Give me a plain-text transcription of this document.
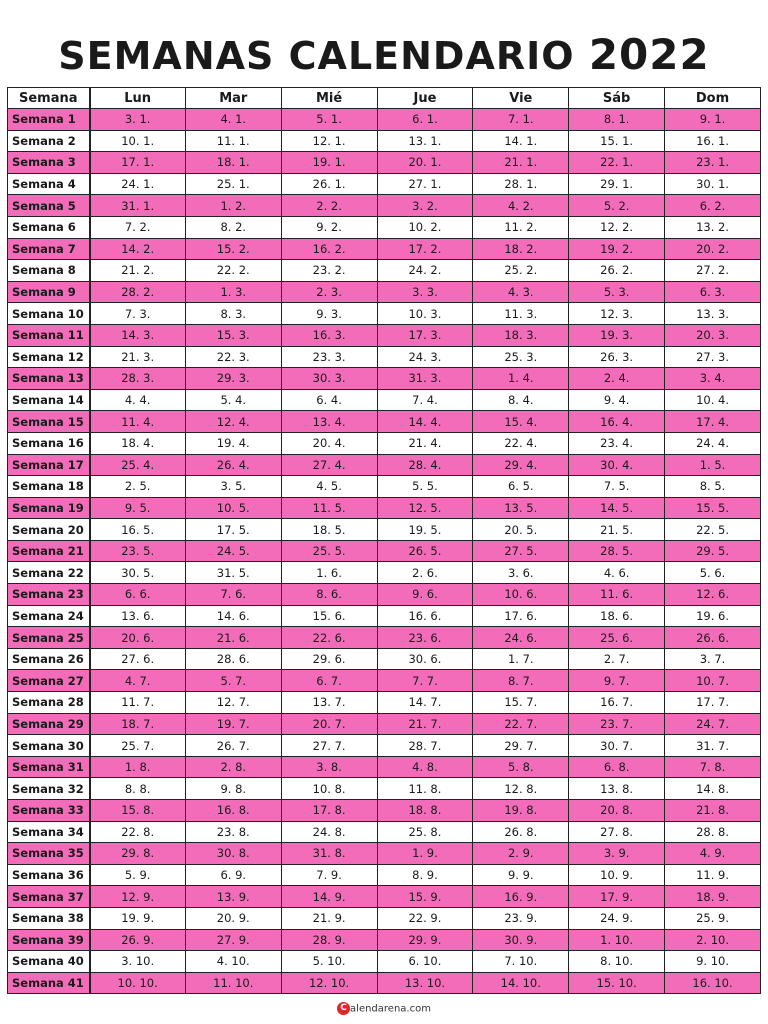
SEMANAS CALENDARIO 2022
Semana	Lun	Mar	Mié	Jue	Vie	Sáb	Dom
Semana 1	3. 1.	4. 1.	5. 1.	6. 1.	7. 1.	8. 1.	9. 1.
Semana 2	10. 1.	11. 1.	12. 1.	13. 1.	14. 1.	15. 1.	16. 1.
Semana 3	17. 1.	18. 1.	19. 1.	20. 1.	21. 1.	22. 1.	23. 1.
Semana 4	24. 1.	25. 1.	26. 1.	27. 1.	28. 1.	29. 1.	30. 1.
Semana 5	31. 1.	1. 2.	2. 2.	3. 2.	4. 2.	5. 2.	6. 2.
Semana 6	7. 2.	8. 2.	9. 2.	10. 2.	11. 2.	12. 2.	13. 2.
Semana 7	14. 2.	15. 2.	16. 2.	17. 2.	18. 2.	19. 2.	20. 2.
Semana 8	21. 2.	22. 2.	23. 2.	24. 2.	25. 2.	26. 2.	27. 2.
Semana 9	28. 2.	1. 3.	2. 3.	3. 3.	4. 3.	5. 3.	6. 3.
Semana 10	7. 3.	8. 3.	9. 3.	10. 3.	11. 3.	12. 3.	13. 3.
Semana 11	14. 3.	15. 3.	16. 3.	17. 3.	18. 3.	19. 3.	20. 3.
Semana 12	21. 3.	22. 3.	23. 3.	24. 3.	25. 3.	26. 3.	27. 3.
Semana 13	28. 3.	29. 3.	30. 3.	31. 3.	1. 4.	2. 4.	3. 4.
Semana 14	4. 4.	5. 4.	6. 4.	7. 4.	8. 4.	9. 4.	10. 4.
Semana 15	11. 4.	12. 4.	13. 4.	14. 4.	15. 4.	16. 4.	17. 4.
Semana 16	18. 4.	19. 4.	20. 4.	21. 4.	22. 4.	23. 4.	24. 4.
Semana 17	25. 4.	26. 4.	27. 4.	28. 4.	29. 4.	30. 4.	1. 5.
Semana 18	2. 5.	3. 5.	4. 5.	5. 5.	6. 5.	7. 5.	8. 5.
Semana 19	9. 5.	10. 5.	11. 5.	12. 5.	13. 5.	14. 5.	15. 5.
Semana 20	16. 5.	17. 5.	18. 5.	19. 5.	20. 5.	21. 5.	22. 5.
Semana 21	23. 5.	24. 5.	25. 5.	26. 5.	27. 5.	28. 5.	29. 5.
Semana 22	30. 5.	31. 5.	1. 6.	2. 6.	3. 6.	4. 6.	5. 6.
Semana 23	6. 6.	7. 6.	8. 6.	9. 6.	10. 6.	11. 6.	12. 6.
Semana 24	13. 6.	14. 6.	15. 6.	16. 6.	17. 6.	18. 6.	19. 6.
Semana 25	20. 6.	21. 6.	22. 6.	23. 6.	24. 6.	25. 6.	26. 6.
Semana 26	27. 6.	28. 6.	29. 6.	30. 6.	1. 7.	2. 7.	3. 7.
Semana 27	4. 7.	5. 7.	6. 7.	7. 7.	8. 7.	9. 7.	10. 7.
Semana 28	11. 7.	12. 7.	13. 7.	14. 7.	15. 7.	16. 7.	17. 7.
Semana 29	18. 7.	19. 7.	20. 7.	21. 7.	22. 7.	23. 7.	24. 7.
Semana 30	25. 7.	26. 7.	27. 7.	28. 7.	29. 7.	30. 7.	31. 7.
Semana 31	1. 8.	2. 8.	3. 8.	4. 8.	5. 8.	6. 8.	7. 8.
Semana 32	8. 8.	9. 8.	10. 8.	11. 8.	12. 8.	13. 8.	14. 8.
Semana 33	15. 8.	16. 8.	17. 8.	18. 8.	19. 8.	20. 8.	21. 8.
Semana 34	22. 8.	23. 8.	24. 8.	25. 8.	26. 8.	27. 8.	28. 8.
Semana 35	29. 8.	30. 8.	31. 8.	1. 9.	2. 9.	3. 9.	4. 9.
Semana 36	5. 9.	6. 9.	7. 9.	8. 9.	9. 9.	10. 9.	11. 9.
Semana 37	12. 9.	13. 9.	14. 9.	15. 9.	16. 9.	17. 9.	18. 9.
Semana 38	19. 9.	20. 9.	21. 9.	22. 9.	23. 9.	24. 9.	25. 9.
Semana 39	26. 9.	27. 9.	28. 9.	29. 9.	30. 9.	1. 10.	2. 10.
Semana 40	3. 10.	4. 10.	5. 10.	6. 10.	7. 10.	8. 10.	9. 10.
Semana 41	10. 10.	11. 10.	12. 10.	13. 10.	14. 10.	15. 10.	16. 10.
C alendarena.com
